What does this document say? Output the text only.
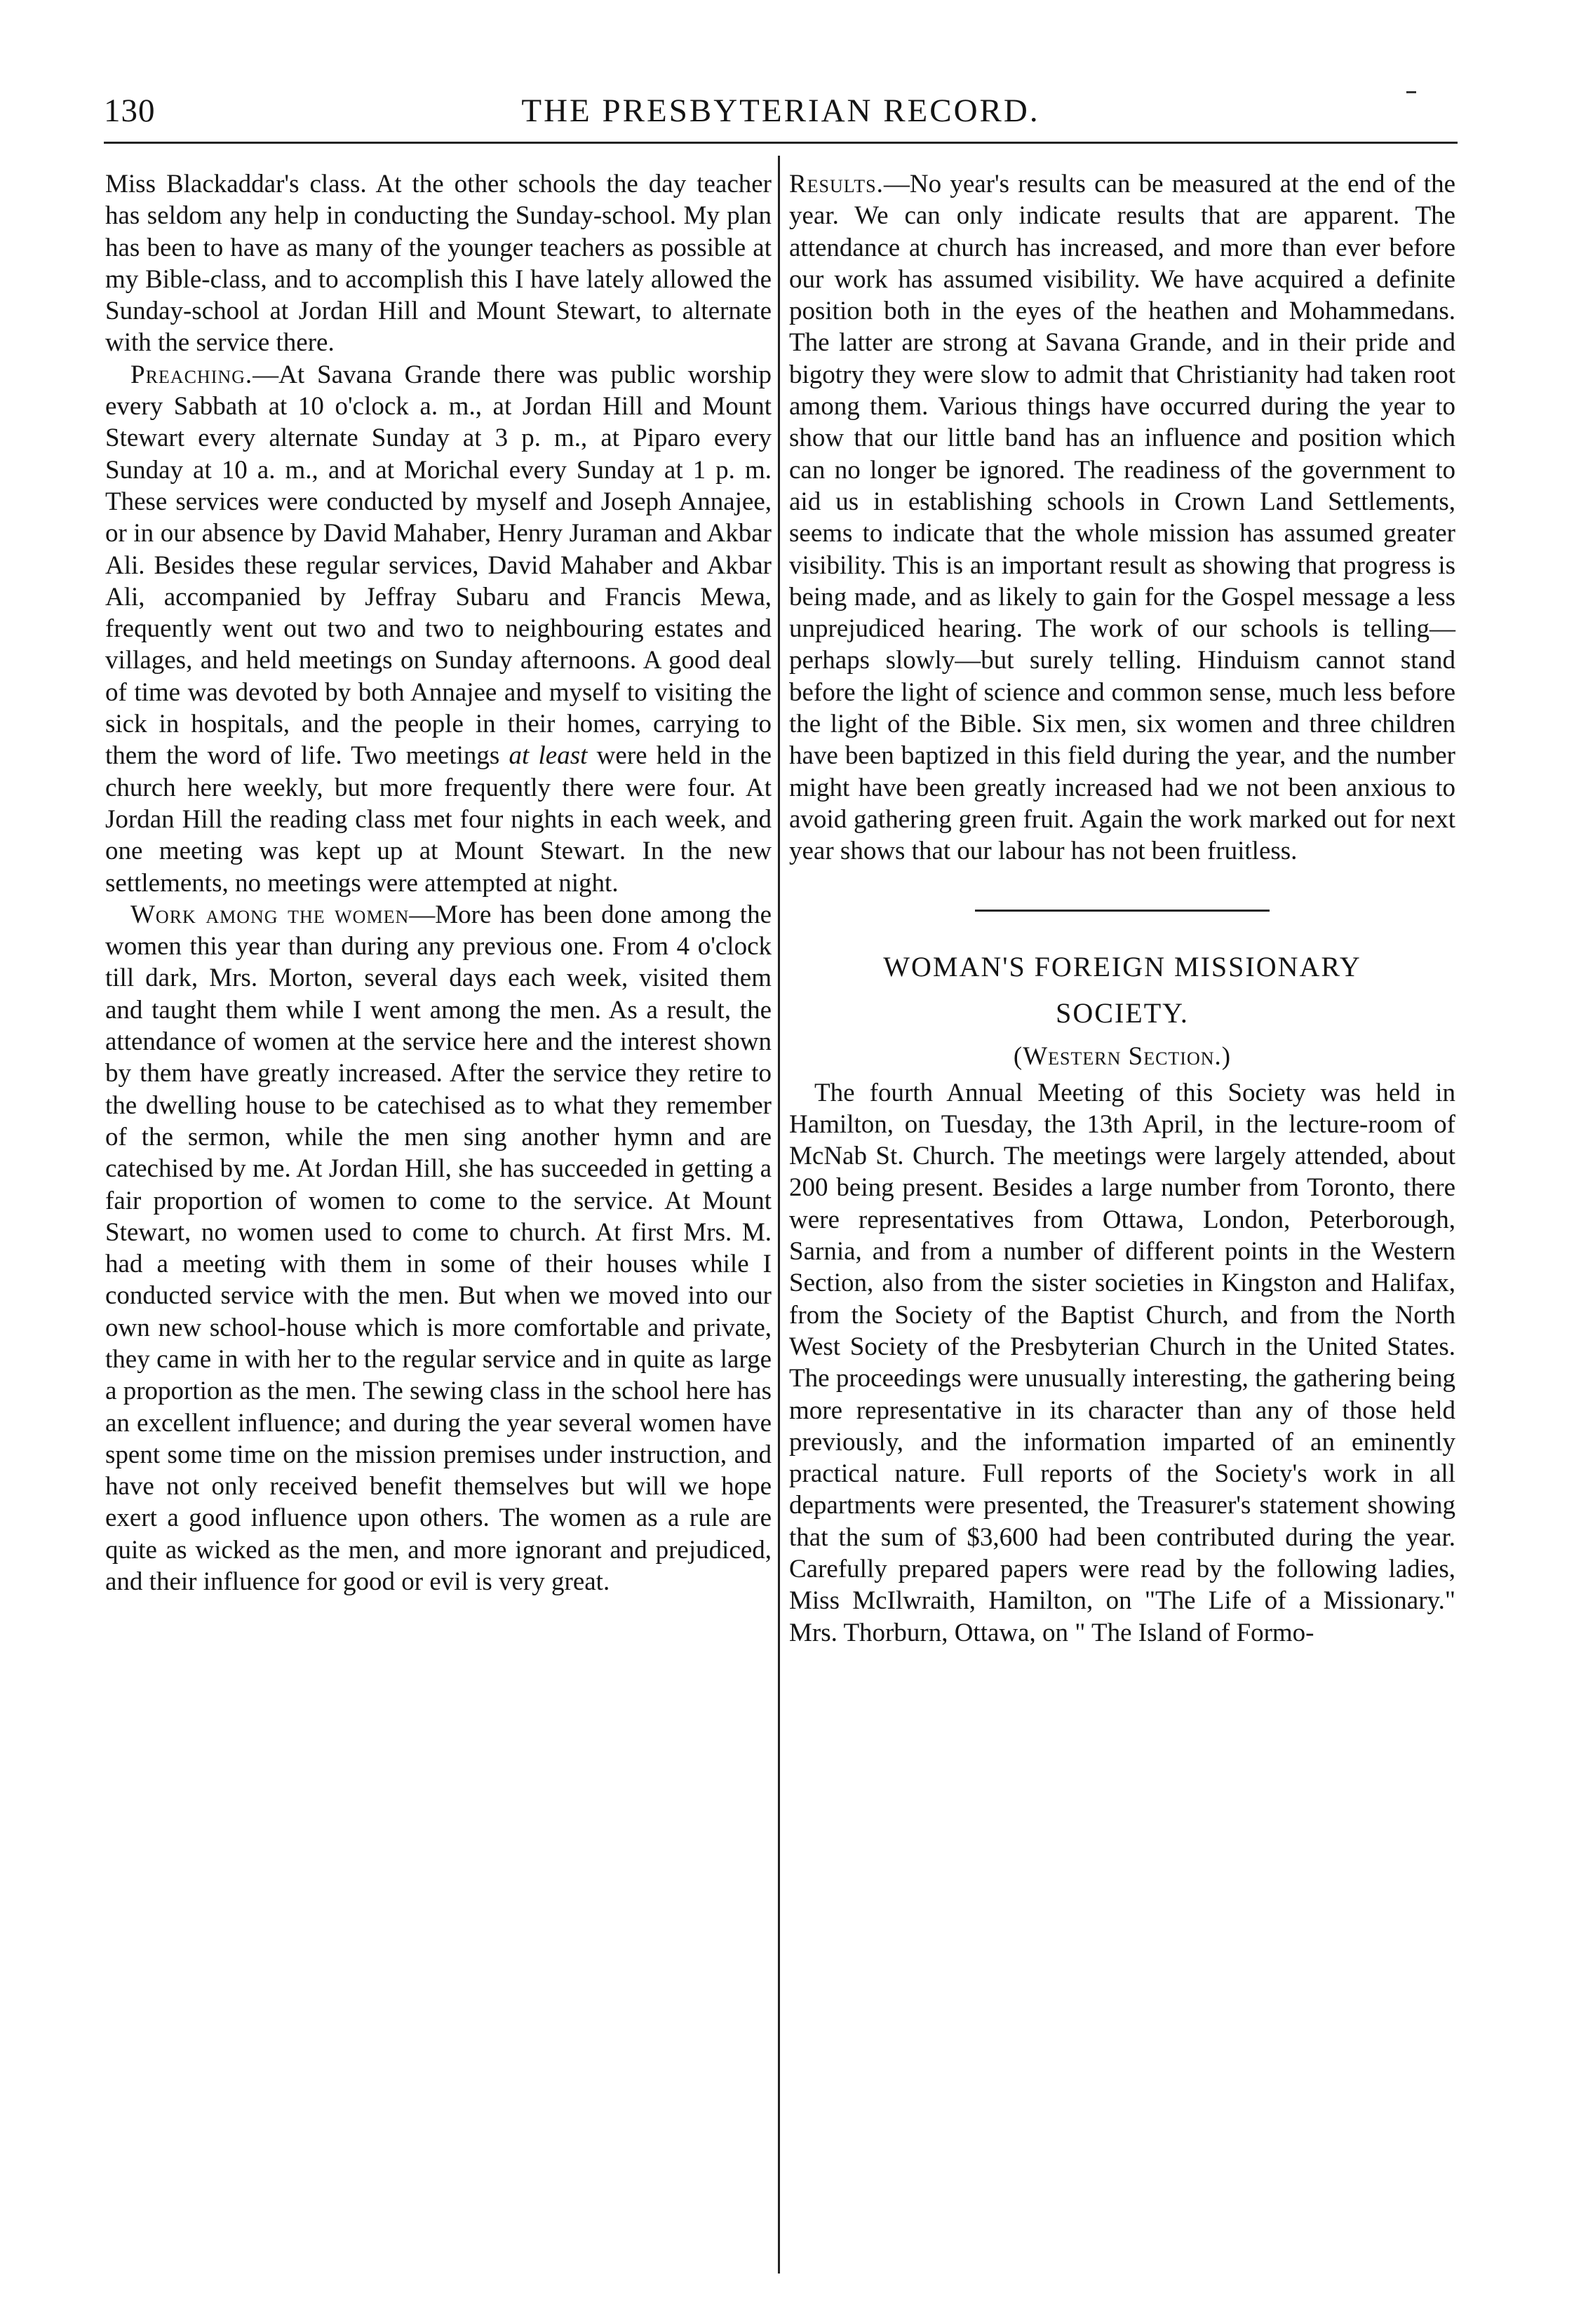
THE PRESBYTERIAN RECORD.
130

Miss Blackaddar's class. At the other schools the day teacher has seldom any help in conducting the Sunday-school. My plan has been to have as many of the younger teachers as possible at my Bible-class, and to accomplish this I have lately allowed the Sunday-school at Jordan Hill and Mount Stewart, to alternate with the service there.

Preaching.—At Savana Grande there was public worship every Sabbath at 10 o'clock a. m., at Jordan Hill and Mount Stewart every alternate Sunday at 3 p. m., at Piparo every Sunday at 10 a. m., and at Morichal every Sunday at 1 p. m. These services were conducted by myself and Joseph Annajee, or in our absence by David Mahaber, Henry Juraman and Akbar Ali. Besides these regular services, David Mahaber and Akbar Ali, accompanied by Jeffray Subaru and Francis Mewa, frequently went out two and two to neighbouring estates and villages, and held meetings on Sunday afternoons. A good deal of time was devoted by both Annajee and myself to visiting the sick in hospitals, and the people in their homes, carrying to them the word of life. Two meetings at least were held in the church here weekly, but more frequently there were four. At Jordan Hill the reading class met four nights in each week, and one meeting was kept up at Mount Stewart. In the new settlements, no meetings were attempted at night.

Work among the women—More has been done among the women this year than during any previous one. From 4 o'clock till dark, Mrs. Morton, several days each week, visited them and taught them while I went among the men. As a result, the attendance of women at the service here and the interest shown by them have greatly increased. After the service they retire to the dwelling house to be catechised as to what they remember of the sermon, while the men sing another hymn and are catechised by me. At Jordan Hill, she has succeeded in getting a fair proportion of women to come to the service. At Mount Stewart, no women used to come to church. At first Mrs. M. had a meeting with them in some of their houses while I conducted service with the men. But when we moved into our own new school-house which is more comfortable and private, they came in with her to the regular service and in quite as large a proportion as the men. The sewing class in the school here has an excellent influence; and during the year several women have spent some time on the mission premises under instruction, and have not only received benefit themselves but will we hope exert a good influence upon others. The women as a rule are quite as wicked as the men, and more ignorant and prejudiced, and their influence for good or evil is very great.

Results.—No year's results can be measured at the end of the year. We can only indicate results that are apparent. The attendance at church has increased, and more than ever before our work has assumed visibility. We have acquired a definite position both in the eyes of the heathen and Mohammedans. The latter are strong at Savana Grande, and in their pride and bigotry they were slow to admit that Christianity had taken root among them. Various things have occurred during the year to show that our little band has an influence and position which can no longer be ignored. The readiness of the government to aid us in establishing schools in Crown Land Settlements, seems to indicate that the whole mission has assumed greater visibility. This is an important result as showing that progress is being made, and as likely to gain for the Gospel message a less unprejudiced hearing. The work of our schools is telling—perhaps slowly—but surely telling. Hinduism cannot stand before the light of science and common sense, much less before the light of the Bible. Six men, six women and three children have been baptized in this field during the year, and the number might have been greatly increased had we not been anxious to avoid gathering green fruit. Again the work marked out for next year shows that our labour has not been fruitless.

WOMAN'S FOREIGN MISSIONARY
SOCIETY.

(Western Section.)

The fourth Annual Meeting of this Society was held in Hamilton, on Tuesday, the 13th April, in the lecture-room of McNab St. Church. The meetings were largely attended, about 200 being present. Besides a large number from Toronto, there were representatives from Ottawa, London, Peterborough, Sarnia, and from a number of different points in the Western Section, also from the sister societies in Kingston and Halifax, from the Society of the Baptist Church, and from the North West Society of the Presbyterian Church in the United States. The proceedings were unusually interesting, the gathering being more representative in its character than any of those held previously, and the information imparted of an eminently practical nature. Full reports of the Society's work in all departments were presented, the Treasurer's statement showing that the sum of $3,600 had been contributed during the year. Carefully prepared papers were read by the following ladies, Miss McIlwraith, Hamilton, on "The Life of a Missionary." Mrs. Thorburn, Ottawa, on " The Island of Formo-
